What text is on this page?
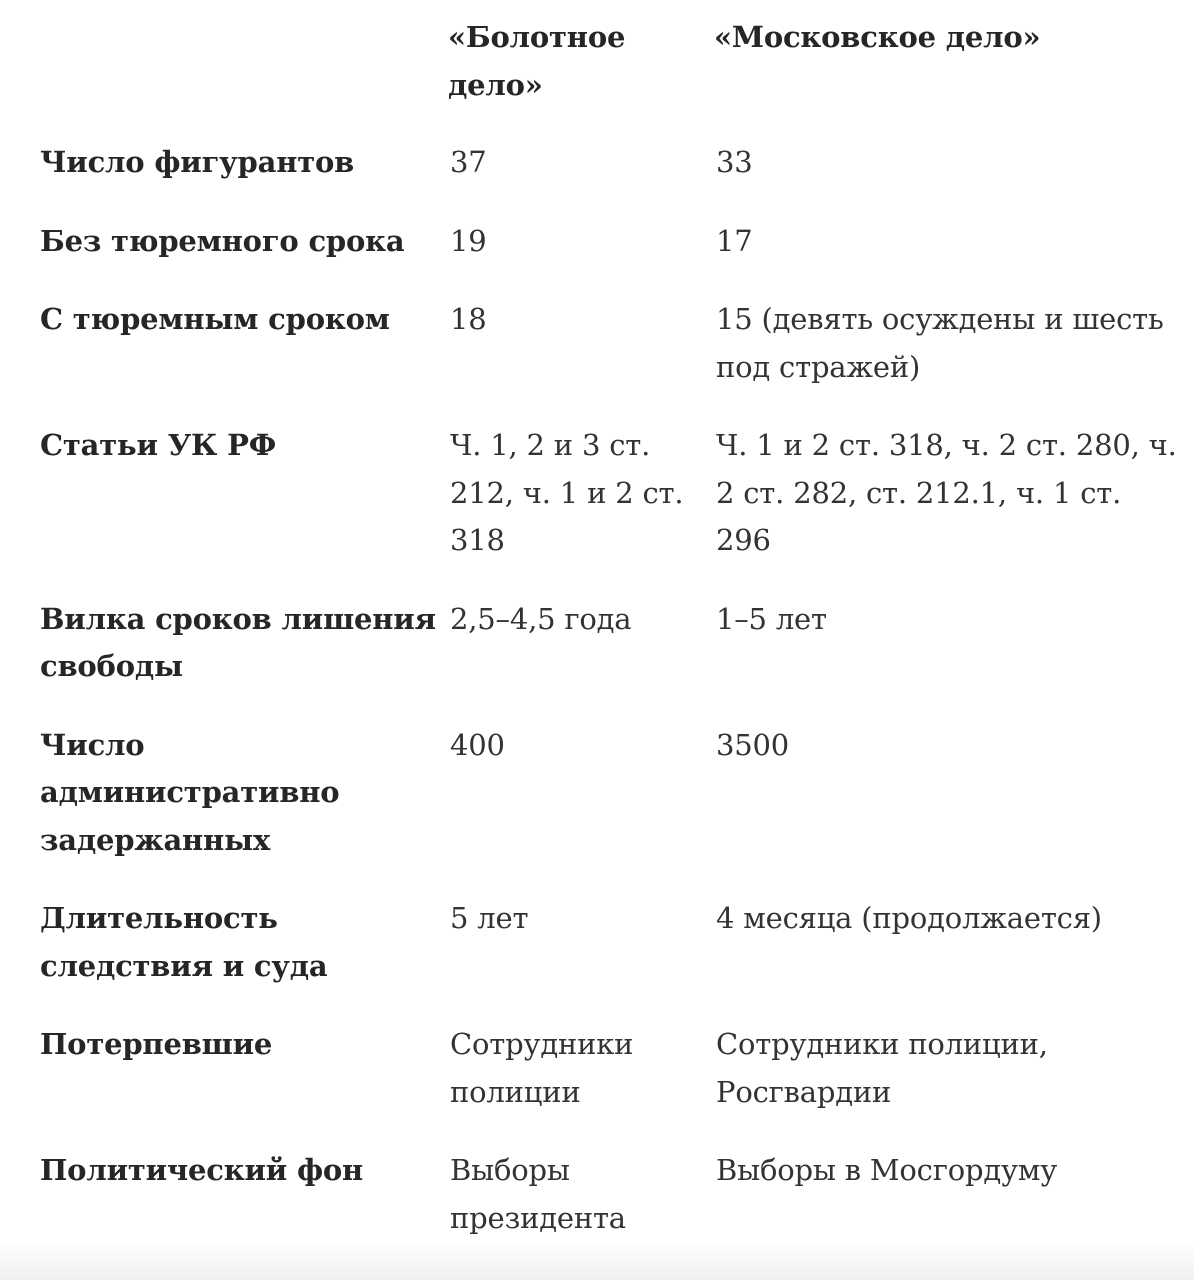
	«Болотное дело»	«Московское дело»
Число фигурантов	37	33
Без тюремного срока	19	17
С тюремным сроком	18	15 (девять осуждены и шесть под стражей)
Статьи УК РФ	Ч. 1, 2 и 3 ст. 212, ч. 1 и 2 ст. 318	Ч. 1 и 2 ст. 318, ч. 2 ст. 280, ч. 2 ст. 282, ст. 212.1, ч. 1 ст. 296
Вилка сроков лишения свободы	2,5–4,5 года	1–5 лет
Число административно задержанных	400	3500
Длительность следствия и суда	5 лет	4 месяца (продолжается)
Потерпевшие	Сотрудники полиции	Сотрудники полиции, Росгвардии
Политический фон	Выборы президента	Выборы в Мосгордуму
